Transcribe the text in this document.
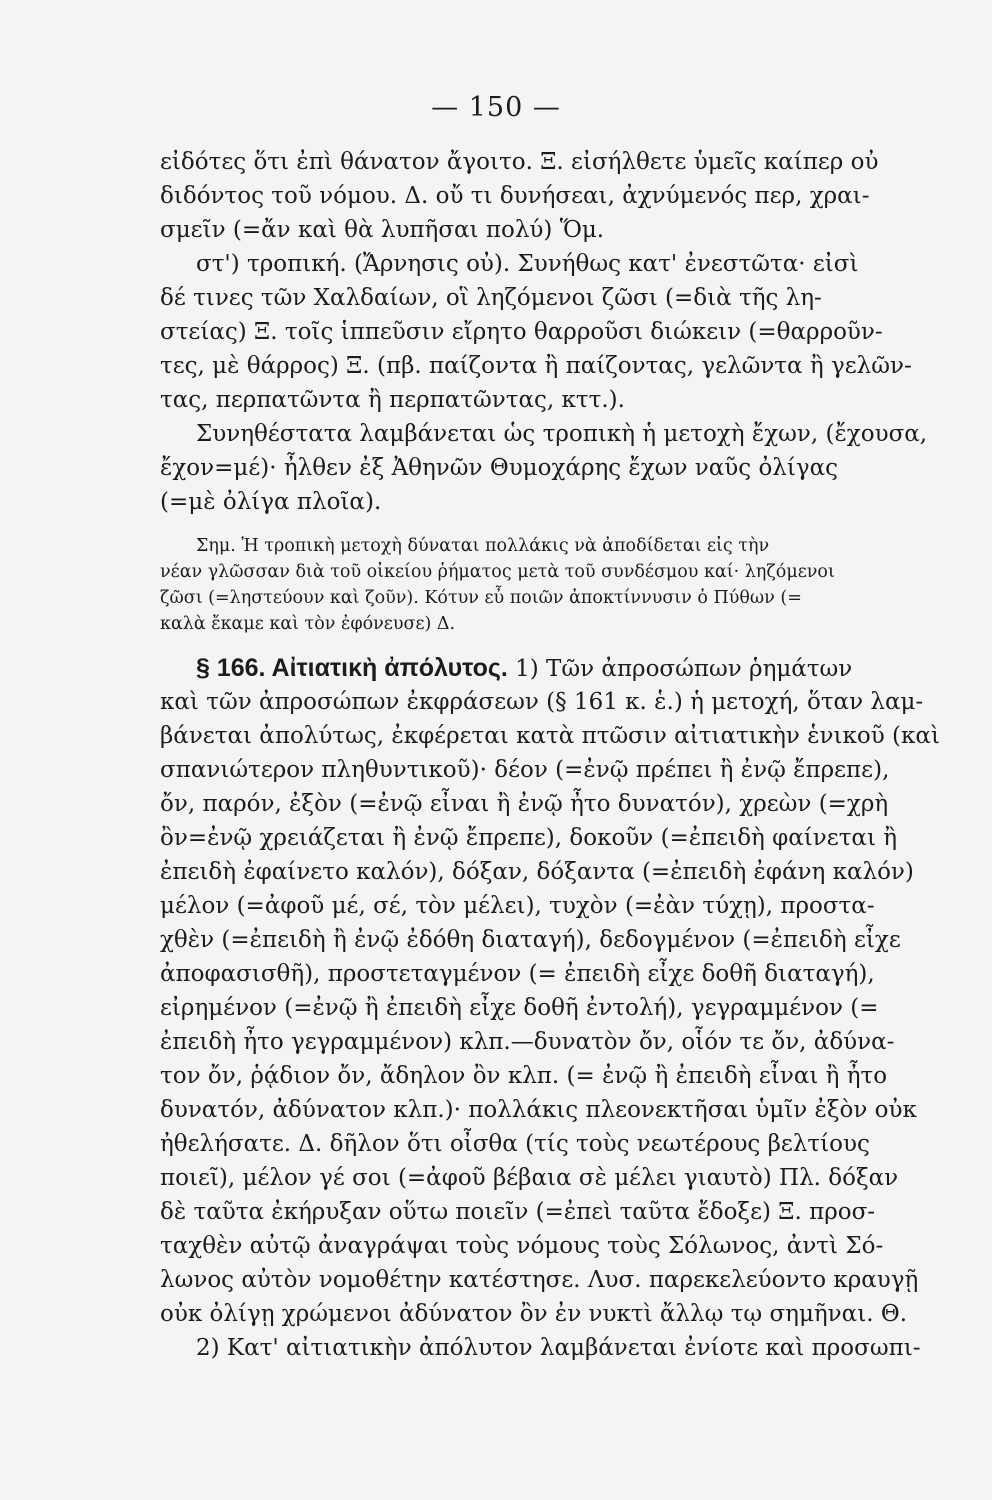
— 150 —
εἰδότες ὅτι ἐπὶ θάνατον ἄγοιτο. Ξ. εἰσήλθετε ὑμεῖς καίπερ οὐ
διδόντος τοῦ νόμου. Δ. οὔ τι δυνήσεαι, ἀχνύμενός περ, χραι-
σμεῖν (=ἄν καὶ θὰ λυπῆσαι πολύ) Ὅμ.
στ') τροπική. (Ἄρνησις οὐ). Συνήθως κατ' ἐνεστῶτα· εἰσὶ
δέ τινες τῶν Χαλδαίων, οἳ ληζόμενοι ζῶσι (=διὰ τῆς λη-
στείας) Ξ. τοῖς ἱππεῦσιν εἴρητο θαρροῦσι διώκειν (=θαρροῦν-
τες, μὲ θάρρος) Ξ. (πβ. παίζοντα ἢ παίζοντας, γελῶντα ἢ γελῶν-
τας, περπατῶντα ἢ περπατῶντας, κττ.).
Συνηθέστατα λαμβάνεται ὡς τροπικὴ ἡ μετοχὴ ἔχων, (ἔχουσα,
ἔχον=μέ)· ἦλθεν ἐξ Ἀθηνῶν Θυμοχάρης ἔχων ναῦς ὀλίγας
(=μὲ ὀλίγα πλοῖα).
Σημ. Ἡ τροπικὴ μετοχὴ δύναται πολλάκις νὰ ἀποδίδεται εἰς τὴν
νέαν γλῶσσαν διὰ τοῦ οἰκείου ῥήματος μετὰ τοῦ συνδέσμου καί· ληζόμενοι
ζῶσι (=ληστεύουν καὶ ζοῦν). Κότυν εὖ ποιῶν ἀποκτίννυσιν ὁ Πύθων (=
καλὰ ἔκαμε καὶ τὸν ἐφόνευσε) Δ.
§ 166. Αἰτιατικὴ ἀπόλυτος. 1) Τῶν ἀπροσώπων ῥημάτων
καὶ τῶν ἀπροσώπων ἐκφράσεων (§ 161 κ. ἑ.) ἡ μετοχή, ὅταν λαμ-
βάνεται ἀπολύτως, ἐκφέρεται κατὰ πτῶσιν αἰτιατικὴν ἑνικοῦ (καὶ
σπανιώτερον πληθυντικοῦ)· δέον (=ἐνῷ πρέπει ἢ ἐνῷ ἔπρεπε),
ὄν, παρόν, ἐξὸν (=ἐνῷ εἶναι ἢ ἐνῷ ἦτο δυνατόν), χρεὼν (=χρὴ
ὂν=ἐνῷ χρειάζεται ἢ ἐνῷ ἔπρεπε), δοκοῦν (=ἐπειδὴ φαίνεται ἢ
ἐπειδὴ ἐφαίνετο καλόν), δόξαν, δόξαντα (=ἐπειδὴ ἐφάνη καλόν)
μέλον (=ἀφοῦ μέ, σέ, τὸν μέλει), τυχὸν (=ἐὰν τύχῃ), προστα-
χθὲν (=ἐπειδὴ ἢ ἐνῷ ἐδόθη διαταγή), δεδογμένον (=ἐπειδὴ εἶχε
ἀποφασισθῆ), προστεταγμένον (= ἐπειδὴ εἶχε δοθῆ διαταγή),
εἰρημένον (=ἐνῷ ἢ ἐπειδὴ εἶχε δοθῆ ἐντολή), γεγραμμένον (=
ἐπειδὴ ἦτο γεγραμμένον) κλπ.—δυνατὸν ὄν, οἷόν τε ὄν, ἀδύνα-
τον ὄν, ῥᾴδιον ὄν, ἄδηλον ὂν κλπ. (= ἐνῷ ἢ ἐπειδὴ εἶναι ἢ ἦτο
δυνατόν, ἀδύνατον κλπ.)· πολλάκις πλεονεκτῆσαι ὑμῖν ἐξὸν οὐκ
ἠθελήσατε. Δ. δῆλον ὅτι οἶσθα (τίς τοὺς νεωτέρους βελτίους
ποιεῖ), μέλον γέ σοι (=ἀφοῦ βέβαια σὲ μέλει γιαυτὸ) Πλ. δόξαν
δὲ ταῦτα ἐκήρυξαν οὕτω ποιεῖν (=ἐπεὶ ταῦτα ἔδοξε) Ξ. προσ-
ταχθὲν αὐτῷ ἀναγράψαι τοὺς νόμους τοὺς Σόλωνος, ἀντὶ Σό-
λωνος αὐτὸν νομοθέτην κατέστησε. Λυσ. παρεκελεύοντο κραυγῇ
οὐκ ὀλίγῃ χρώμενοι ἀδύνατον ὂν ἐν νυκτὶ ἄλλῳ τῳ σημῆναι. Θ.
2) Κατ' αἰτιατικὴν ἀπόλυτον λαμβάνεται ἐνίοτε καὶ προσωπι-
